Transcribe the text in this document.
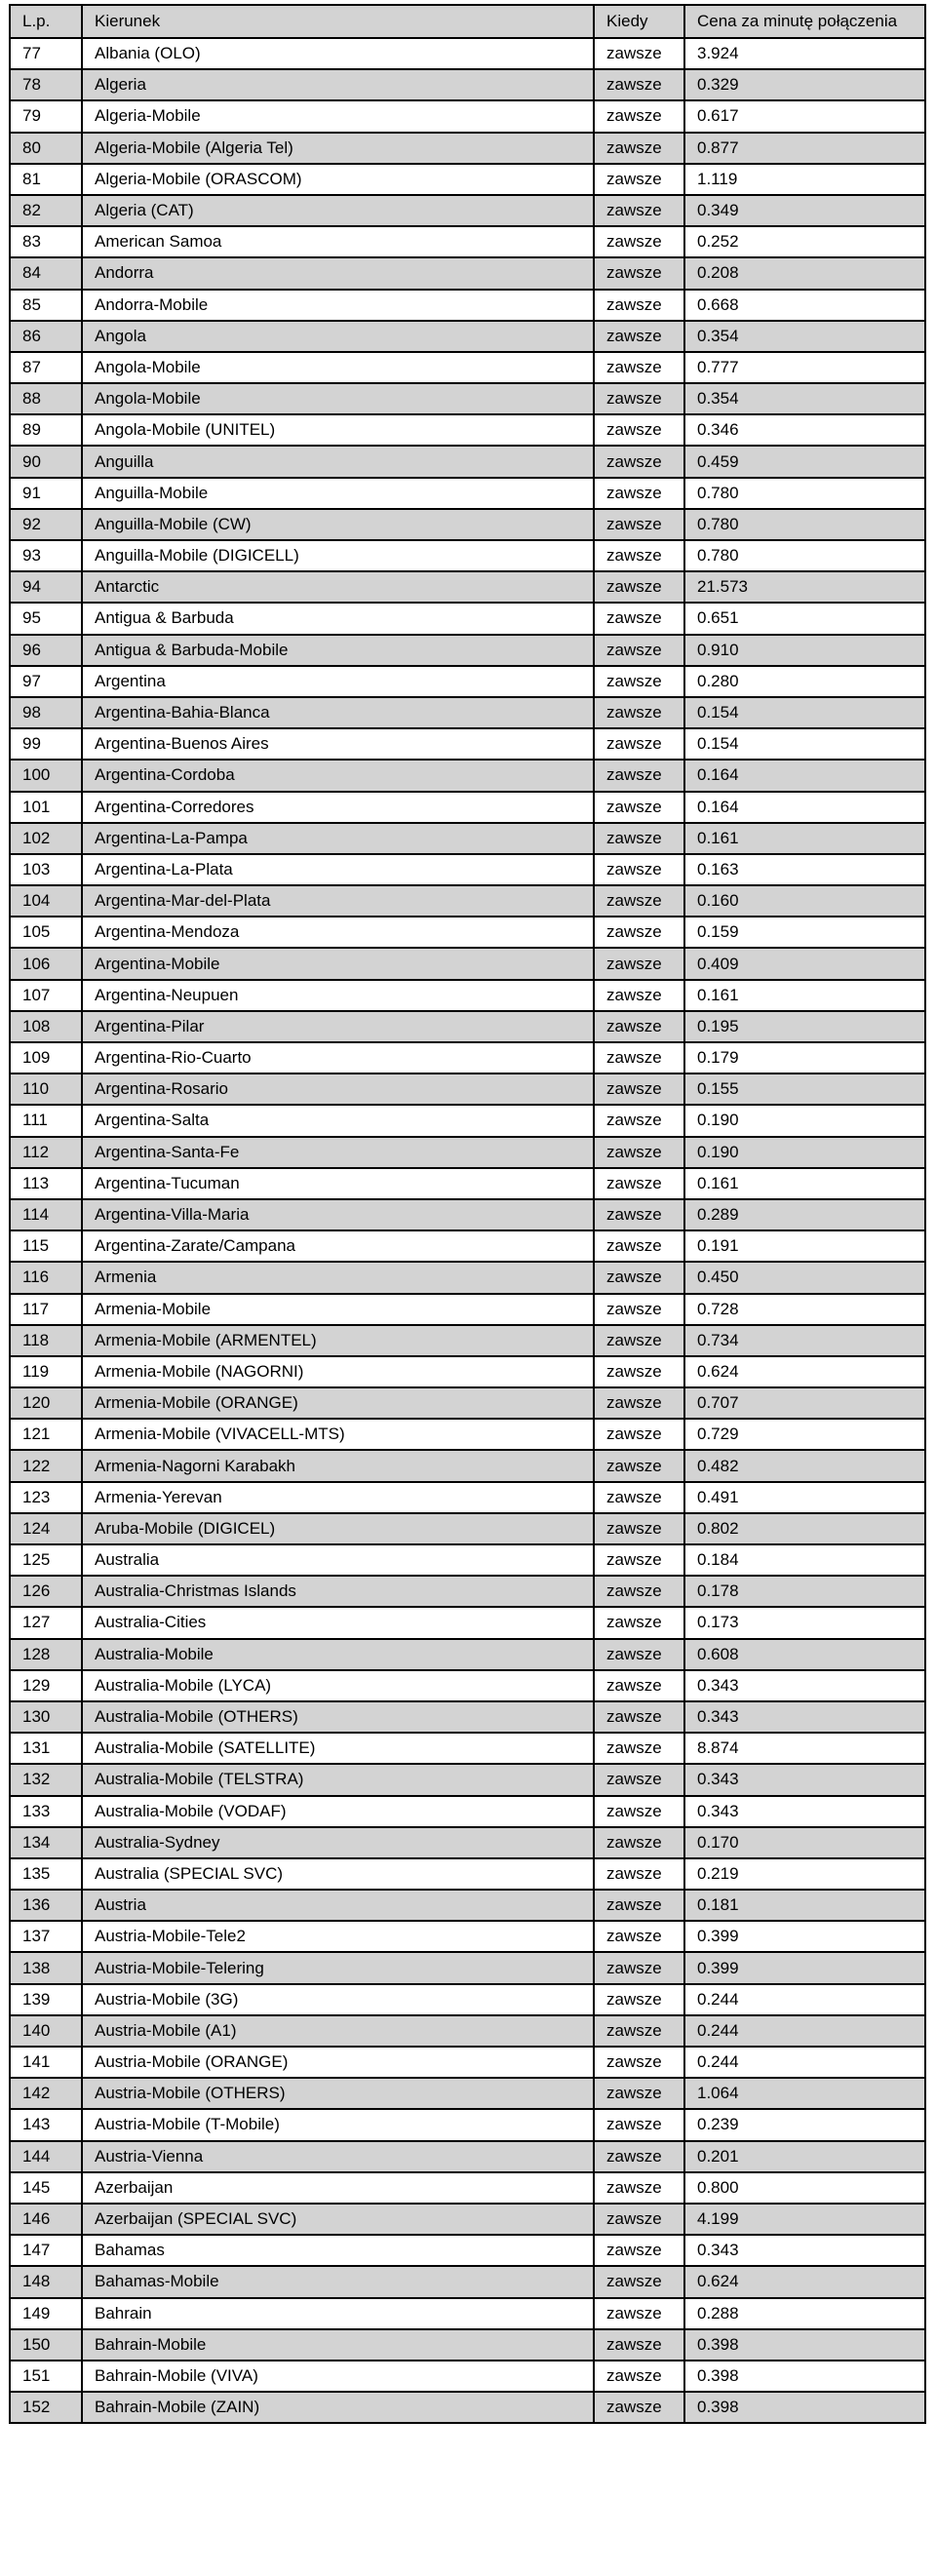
L.p.	Kierunek	Kiedy	Cena za minutę połączenia
77	Albania (OLO)	zawsze	3.924
78	Algeria	zawsze	0.329
79	Algeria-Mobile	zawsze	0.617
80	Algeria-Mobile (Algeria Tel)	zawsze	0.877
81	Algeria-Mobile (ORASCOM)	zawsze	1.119
82	Algeria (CAT)	zawsze	0.349
83	American Samoa	zawsze	0.252
84	Andorra	zawsze	0.208
85	Andorra-Mobile	zawsze	0.668
86	Angola	zawsze	0.354
87	Angola-Mobile	zawsze	0.777
88	Angola-Mobile	zawsze	0.354
89	Angola-Mobile (UNITEL)	zawsze	0.346
90	Anguilla	zawsze	0.459
91	Anguilla-Mobile	zawsze	0.780
92	Anguilla-Mobile (CW)	zawsze	0.780
93	Anguilla-Mobile (DIGICELL)	zawsze	0.780
94	Antarctic	zawsze	21.573
95	Antigua & Barbuda	zawsze	0.651
96	Antigua & Barbuda-Mobile	zawsze	0.910
97	Argentina	zawsze	0.280
98	Argentina-Bahia-Blanca	zawsze	0.154
99	Argentina-Buenos Aires	zawsze	0.154
100	Argentina-Cordoba	zawsze	0.164
101	Argentina-Corredores	zawsze	0.164
102	Argentina-La-Pampa	zawsze	0.161
103	Argentina-La-Plata	zawsze	0.163
104	Argentina-Mar-del-Plata	zawsze	0.160
105	Argentina-Mendoza	zawsze	0.159
106	Argentina-Mobile	zawsze	0.409
107	Argentina-Neupuen	zawsze	0.161
108	Argentina-Pilar	zawsze	0.195
109	Argentina-Rio-Cuarto	zawsze	0.179
110	Argentina-Rosario	zawsze	0.155
111	Argentina-Salta	zawsze	0.190
112	Argentina-Santa-Fe	zawsze	0.190
113	Argentina-Tucuman	zawsze	0.161
114	Argentina-Villa-Maria	zawsze	0.289
115	Argentina-Zarate/Campana	zawsze	0.191
116	Armenia	zawsze	0.450
117	Armenia-Mobile	zawsze	0.728
118	Armenia-Mobile (ARMENTEL)	zawsze	0.734
119	Armenia-Mobile (NAGORNI)	zawsze	0.624
120	Armenia-Mobile (ORANGE)	zawsze	0.707
121	Armenia-Mobile (VIVACELL-MTS)	zawsze	0.729
122	Armenia-Nagorni Karabakh	zawsze	0.482
123	Armenia-Yerevan	zawsze	0.491
124	Aruba-Mobile (DIGICEL)	zawsze	0.802
125	Australia	zawsze	0.184
126	Australia-Christmas Islands	zawsze	0.178
127	Australia-Cities	zawsze	0.173
128	Australia-Mobile	zawsze	0.608
129	Australia-Mobile (LYCA)	zawsze	0.343
130	Australia-Mobile (OTHERS)	zawsze	0.343
131	Australia-Mobile (SATELLITE)	zawsze	8.874
132	Australia-Mobile (TELSTRA)	zawsze	0.343
133	Australia-Mobile (VODAF)	zawsze	0.343
134	Australia-Sydney	zawsze	0.170
135	Australia (SPECIAL SVC)	zawsze	0.219
136	Austria	zawsze	0.181
137	Austria-Mobile-Tele2	zawsze	0.399
138	Austria-Mobile-Telering	zawsze	0.399
139	Austria-Mobile (3G)	zawsze	0.244
140	Austria-Mobile (A1)	zawsze	0.244
141	Austria-Mobile (ORANGE)	zawsze	0.244
142	Austria-Mobile (OTHERS)	zawsze	1.064
143	Austria-Mobile (T-Mobile)	zawsze	0.239
144	Austria-Vienna	zawsze	0.201
145	Azerbaijan	zawsze	0.800
146	Azerbaijan (SPECIAL SVC)	zawsze	4.199
147	Bahamas	zawsze	0.343
148	Bahamas-Mobile	zawsze	0.624
149	Bahrain	zawsze	0.288
150	Bahrain-Mobile	zawsze	0.398
151	Bahrain-Mobile (VIVA)	zawsze	0.398
152	Bahrain-Mobile (ZAIN)	zawsze	0.398
